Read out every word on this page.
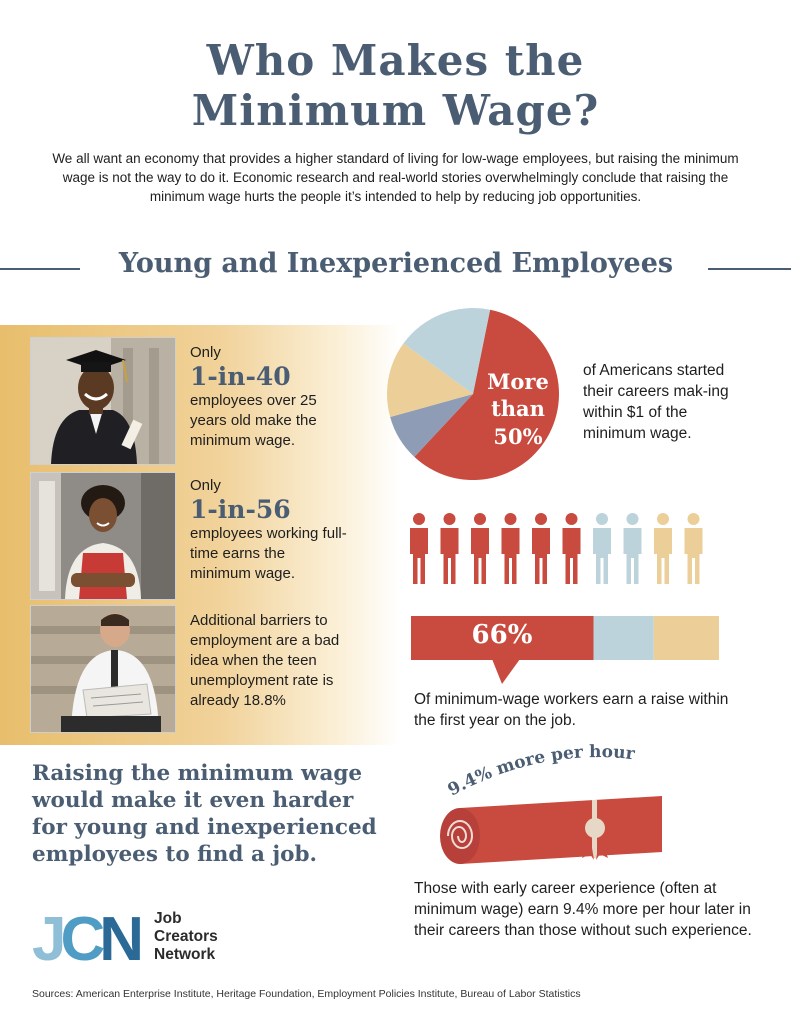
Who Makes the
Minimum Wage?
We all want an economy that provides a higher standard of living for low-wage employees, but raising the minimum wage is not the way to do it. Economic research and real-world stories overwhelmingly conclude that raising the minimum wage hurts the people it’s intended to help by reducing job opportunities.
Young and Inexperienced Employees
Only
1-in-40
employees over 25 years old make the minimum wage.
Only
1-in-56
employees working full-time earns the minimum wage.
Additional barriers to employment are a bad idea when the teen unemployment rate is already 18.8%
More
than
50%
of Americans started their careers mak-ing within $1 of the minimum wage.
66%
Of minimum-wage workers earn a raise within the first year on the job.
9.4% more per hour
Those with early career experience (often at minimum wage) earn 9.4% more per hour later in their careers than those without such experience.
Raising the minimum wage would make it even harder for young and inexperienced employees to find a job.
JCN Job
Creators
Network
Sources: American Enterprise Institute, Heritage Foundation, Employment Policies Institute, Bureau of Labor Statistics
